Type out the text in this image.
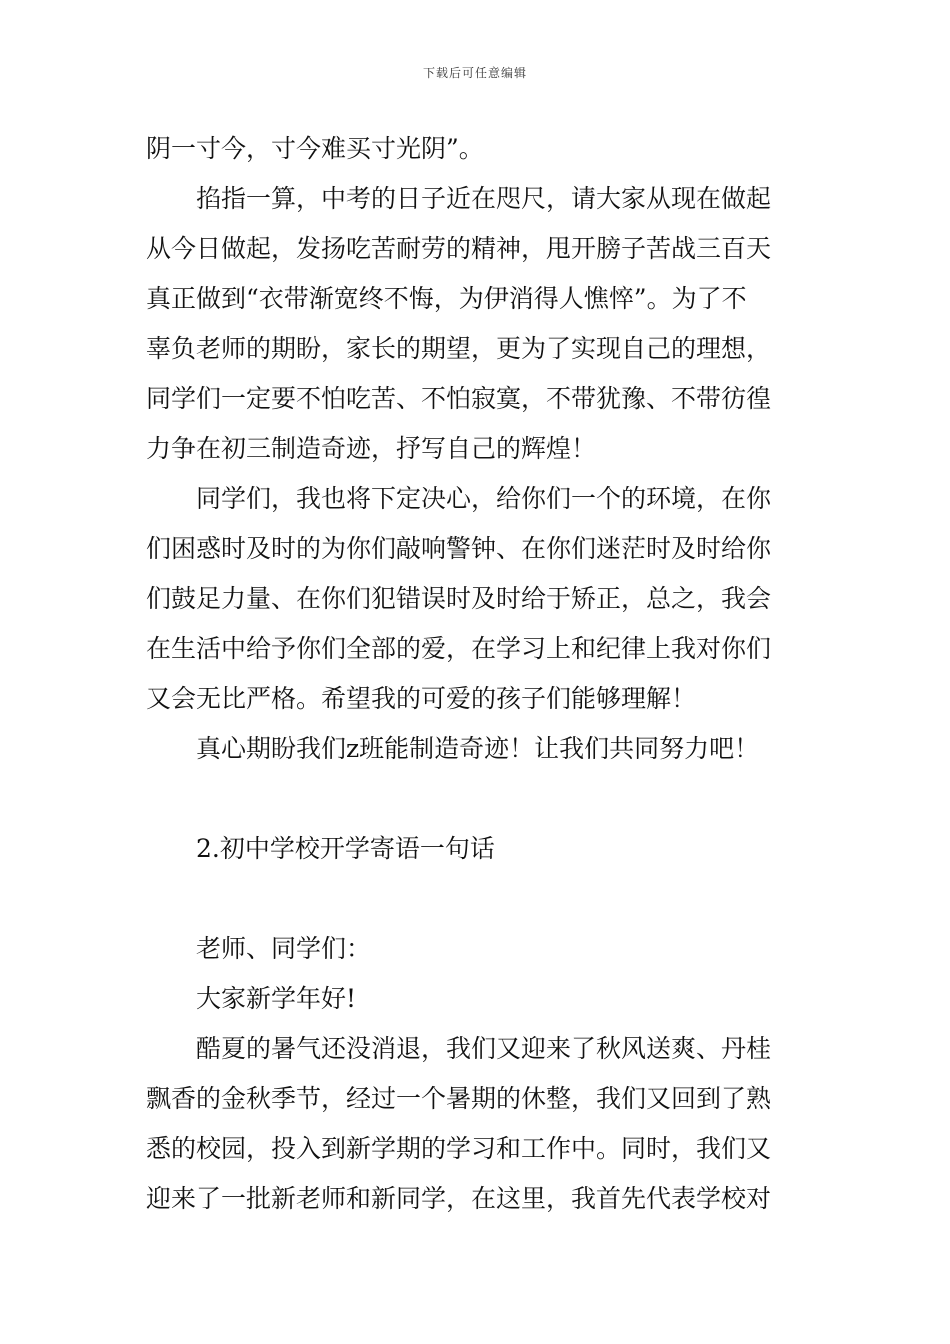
下载后可任意编辑
阴一寸今，寸今难买寸光阴”。
掐指一算，中考的日子近在咫尺，请大家从现在做起
从今日做起，发扬吃苦耐劳的精神，甩开膀子苦战三百天
真正做到“衣带渐宽终不悔，为伊消得人憔悴”。为了不
辜负老师的期盼，家长的期望，更为了实现自己的理想，
同学们一定要不怕吃苦、不怕寂寞，不带犹豫、不带彷徨
力争在初三制造奇迹，抒写自己的辉煌！
同学们，我也将下定决心，给你们一个的环境，在你
们困惑时及时的为你们敲响警钟、在你们迷茫时及时给你
们鼓足力量、在你们犯错误时及时给于矫正，总之，我会
在生活中给予你们全部的爱，在学习上和纪律上我对你们
又会无比严格。希望我的可爱的孩子们能够理解！
真心期盼我们z班能制造奇迹！让我们共同努力吧！
2.初中学校开学寄语一句话
老师、同学们：
大家新学年好!
酷夏的暑气还没消退，我们又迎来了秋风送爽、丹桂
飘香的金秋季节，经过一个暑期的休整，我们又回到了熟
悉的校园，投入到新学期的学习和工作中。同时，我们又
迎来了一批新老师和新同学，在这里，我首先代表学校对
